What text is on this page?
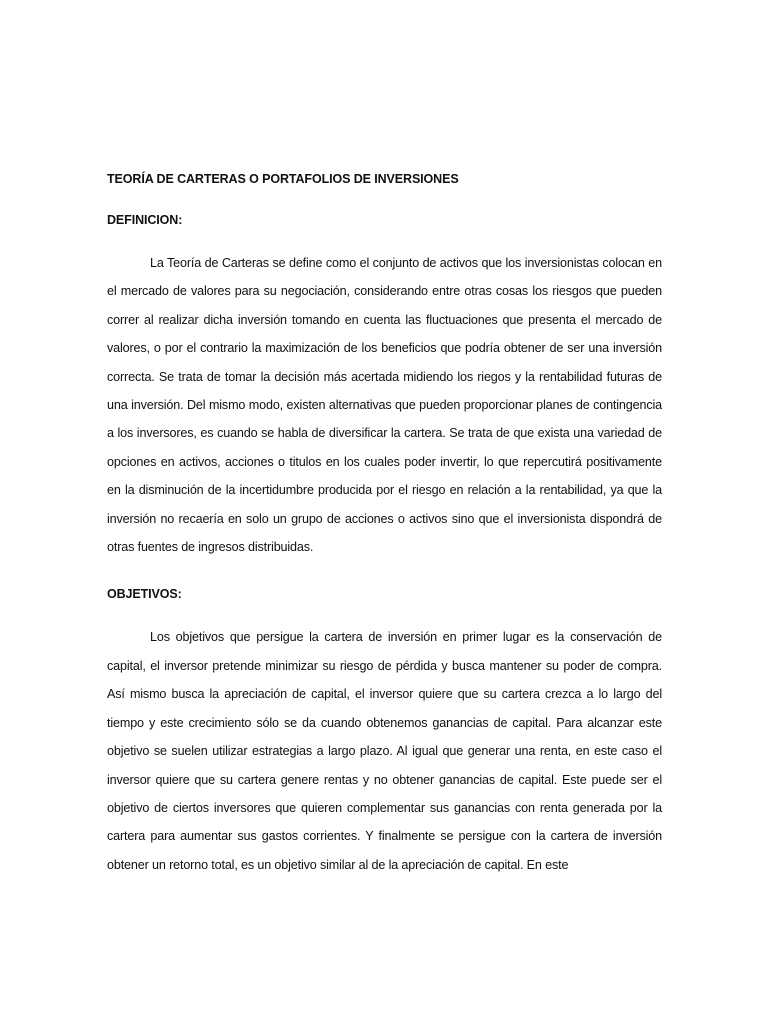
TEORÍA DE CARTERAS O PORTAFOLIOS DE INVERSIONES
DEFINICION:

La Teoría de Carteras se define como el conjunto de activos que los inversionistas colocan en el mercado de valores para su negociación, considerando entre otras cosas los riesgos que pueden correr al realizar dicha inversión tomando en cuenta las fluctuaciones que presenta el mercado de valores, o por el contrario la maximización de los beneficios que podría obtener de ser una inversión correcta. Se trata de tomar la decisión más acertada midiendo los riegos y la rentabilidad futuras de una inversión. Del mismo modo, existen alternativas que pueden proporcionar planes de contingencia a los inversores, es cuando se habla de diversificar la cartera. Se trata de que exista una variedad de opciones en activos, acciones o titulos en los cuales poder invertir, lo que repercutirá positivamente en la disminución de la incertidumbre producida por el riesgo en relación a la rentabilidad, ya que la inversión no recaería en solo un grupo de acciones o activos sino que el inversionista dispondrá de otras fuentes de ingresos distribuidas.

OBJETIVOS:

Los objetivos que persigue la cartera de inversión en primer lugar es la conservación de capital, el inversor pretende minimizar su riesgo de pérdida y busca mantener su poder de compra. Así mismo busca la apreciación de capital, el inversor quiere que su cartera crezca a lo largo del tiempo y este crecimiento sólo se da cuando obtenemos ganancias de capital. Para alcanzar este objetivo se suelen utilizar estrategias a largo plazo. Al igual que generar una renta, en este caso el inversor quiere que su cartera genere rentas y no obtener ganancias de capital. Este puede ser el objetivo de ciertos inversores que quieren complementar sus ganancias con renta generada por la cartera para aumentar sus gastos corrientes. Y finalmente se persigue con la cartera de inversión obtener un retorno total, es un objetivo similar al de la apreciación de capital. En este
